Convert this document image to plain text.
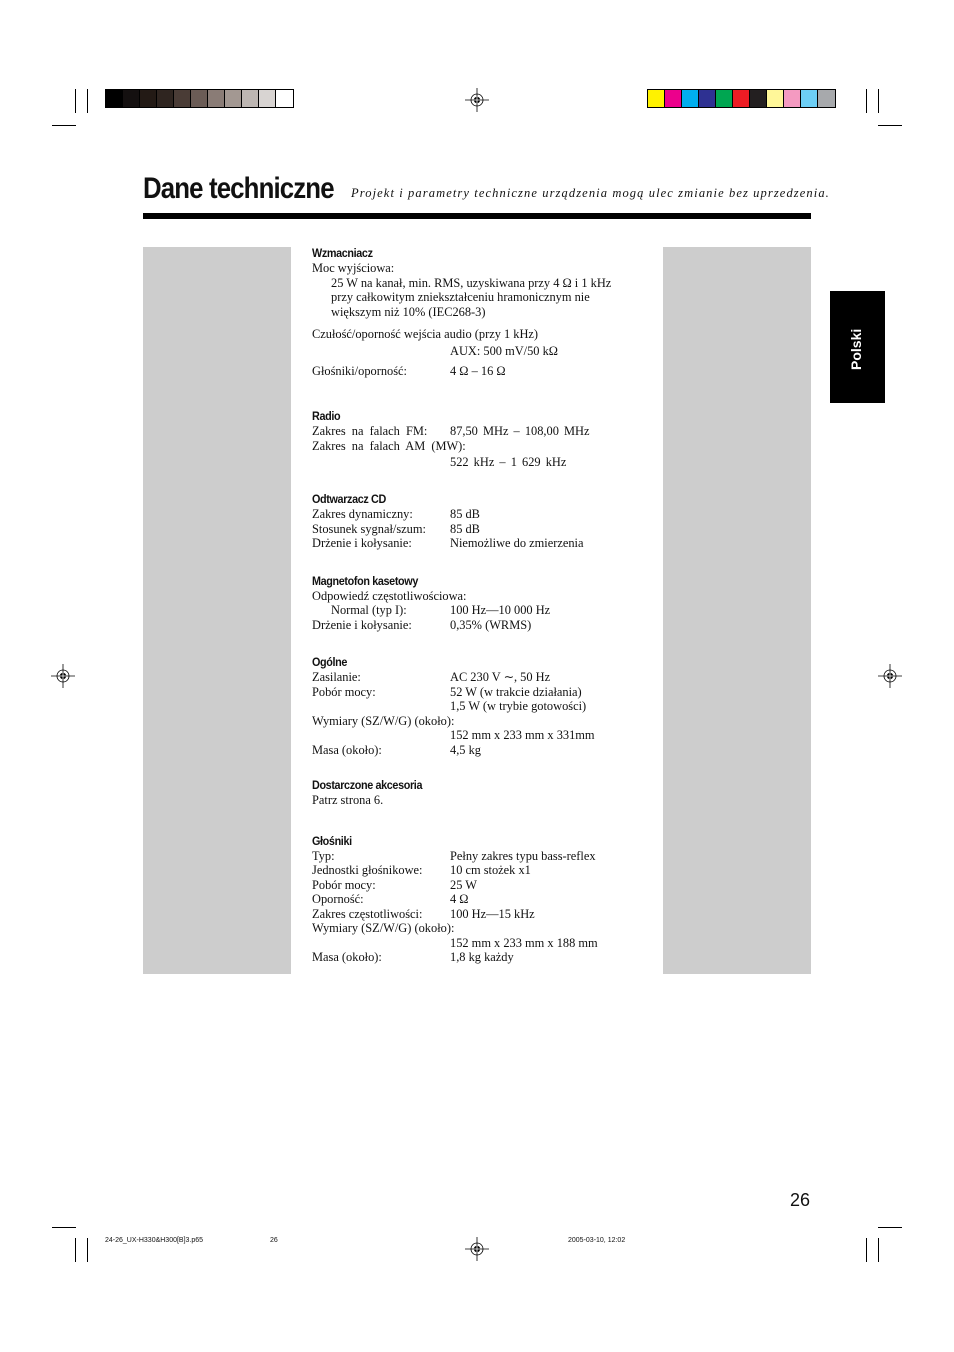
Dane techniczne Projekt i parametry techniczne urządzenia mogą ulec zmianie bez uprzedzenia.
Polski
Wzmacniacz
Moc wyjściowa:
25 W na kanał, min. RMS, uzyskiwana przy 4 Ω i 1 kHz
przy całkowitym zniekształceniu hramonicznym nie
większym niż 10% (IEC268-3)
Czułość/oporność wejścia audio (przy 1 kHz)
AUX: 500 mV/50 kΩ
Głośniki/oporność:	4 Ω – 16 Ω
Radio
Zakres na falach FM: 87,50 MHz – 108,00 MHz
Zakres na falach AM (MW):
522 kHz – 1 629 kHz
Odtwarzacz CD
Zakres dynamiczny:	85 dB
Stosunek sygnał/szum: 85 dB
Drżenie i kołysanie:	Niemożliwe do zmierzenia
Magnetofon kasetowy
Odpowiedź częstotliwościowa:
Normal (typ I):	100 Hz—10 000 Hz
Drżenie i kołysanie:	0,35% (WRMS)
Ogólne
Zasilanie:	AC 230 V ∼, 50 Hz
Pobór mocy:	52 W (w trakcie działania)
1,5 W (w trybie gotowości)
Wymiary (SZ/W/G) (około):
152 mm x 233 mm x 331mm
Masa (około):	4,5 kg
Dostarczone akcesoria
Patrz strona 6.
Głośniki
Typ:	Pełny zakres typu bass-reflex
Jednostki głośnikowe: 10 cm stożek x1
Pobór mocy:	25 W
Oporność:	4 Ω
Zakres częstotliwości: 100 Hz—15 kHz
Wymiary (SZ/W/G) (około):
152 mm x 233 mm x 188 mm
Masa (około):	1,8 kg każdy
26
24-26_UX-H330&H300[B]3.p65	26	2005-03-10, 12:02
